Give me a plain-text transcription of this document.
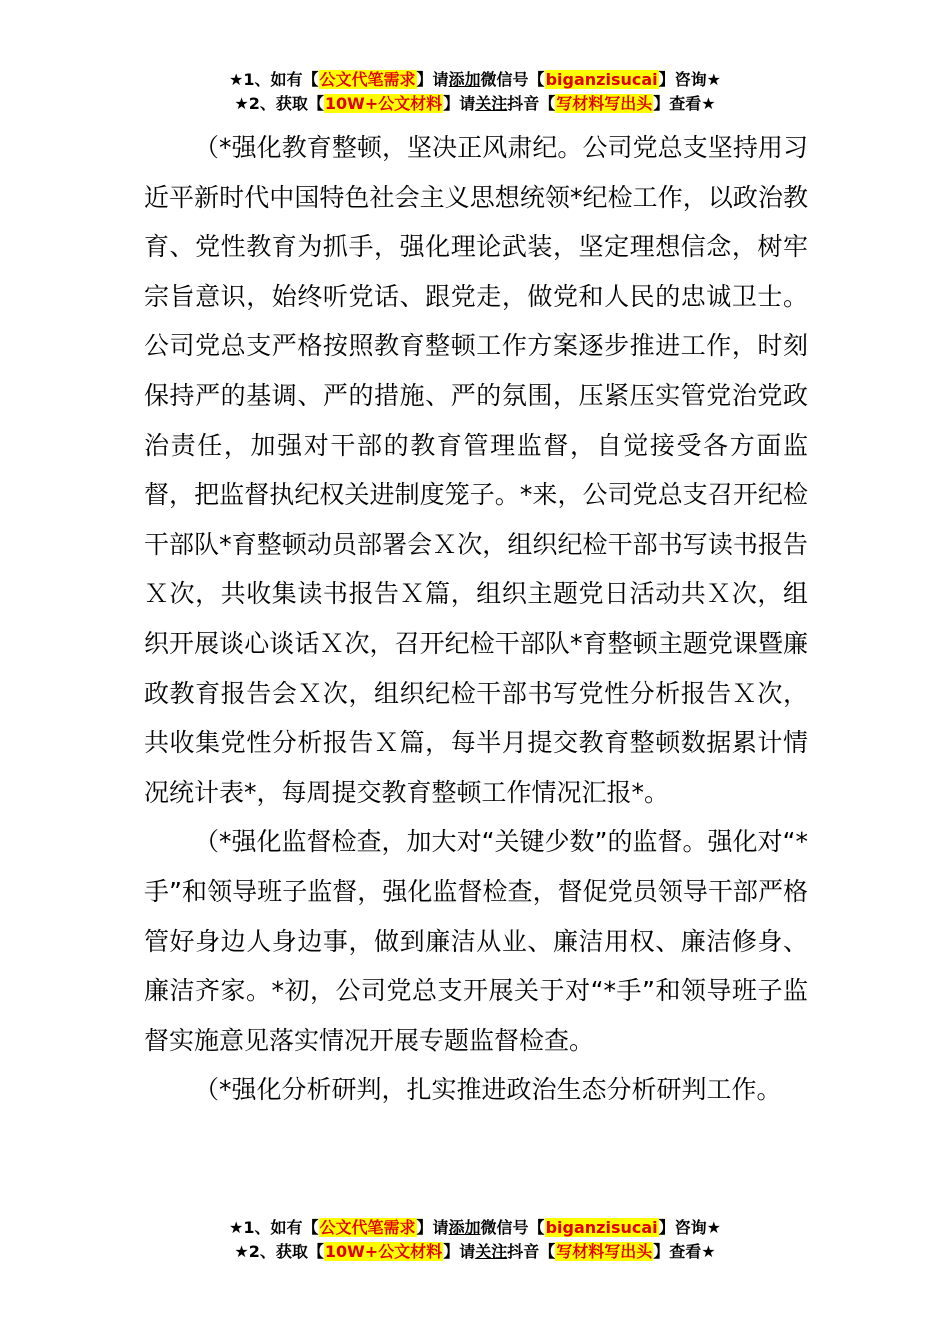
★1、如有【公文代笔需求】请添加微信号【biganzisucai】咨询★
★2、获取【10W+公文材料】请关注抖音【写材料写出头】查看★

（*强化教育整顿，坚决正风肃纪。公司党总支坚持用习近平新时代中国特色社会主义思想统领*纪检工作，以政治教育、党性教育为抓手，强化理论武装，坚定理想信念，树牢宗旨意识，始终听党话、跟党走，做党和人民的忠诚卫士。公司党总支严格按照教育整顿工作方案逐步推进工作，时刻保持严的基调、严的措施、严的氛围，压紧压实管党治党政治责任，加强对干部的教育管理监督，自觉接受各方面监督，把监督执纪权关进制度笼子。*来，公司党总支召开纪检干部队*育整顿动员部署会Ｘ次，组织纪检干部书写读书报告Ｘ次，共收集读书报告Ｘ篇，组织主题党日活动共Ｘ次，组织开展谈心谈话Ｘ次，召开纪检干部队*育整顿主题党课暨廉政教育报告会Ｘ次，组织纪检干部书写党性分析报告Ｘ次，共收集党性分析报告Ｘ篇，每半月提交教育整顿数据累计情况统计表*，每周提交教育整顿工作情况汇报*。

（*强化监督检查，加大对“关键少数”的监督。强化对“*手”和领导班子监督，强化监督检查，督促党员领导干部严格管好身边人身边事，做到廉洁从业、廉洁用权、廉洁修身、廉洁齐家。*初，公司党总支开展关于对“*手”和领导班子监督实施意见落实情况开展专题监督检查。

（*强化分析研判，扎实推进政治生态分析研判工作。

★1、如有【公文代笔需求】请添加微信号【biganzisucai】咨询★
★2、获取【10W+公文材料】请关注抖音【写材料写出头】查看★
